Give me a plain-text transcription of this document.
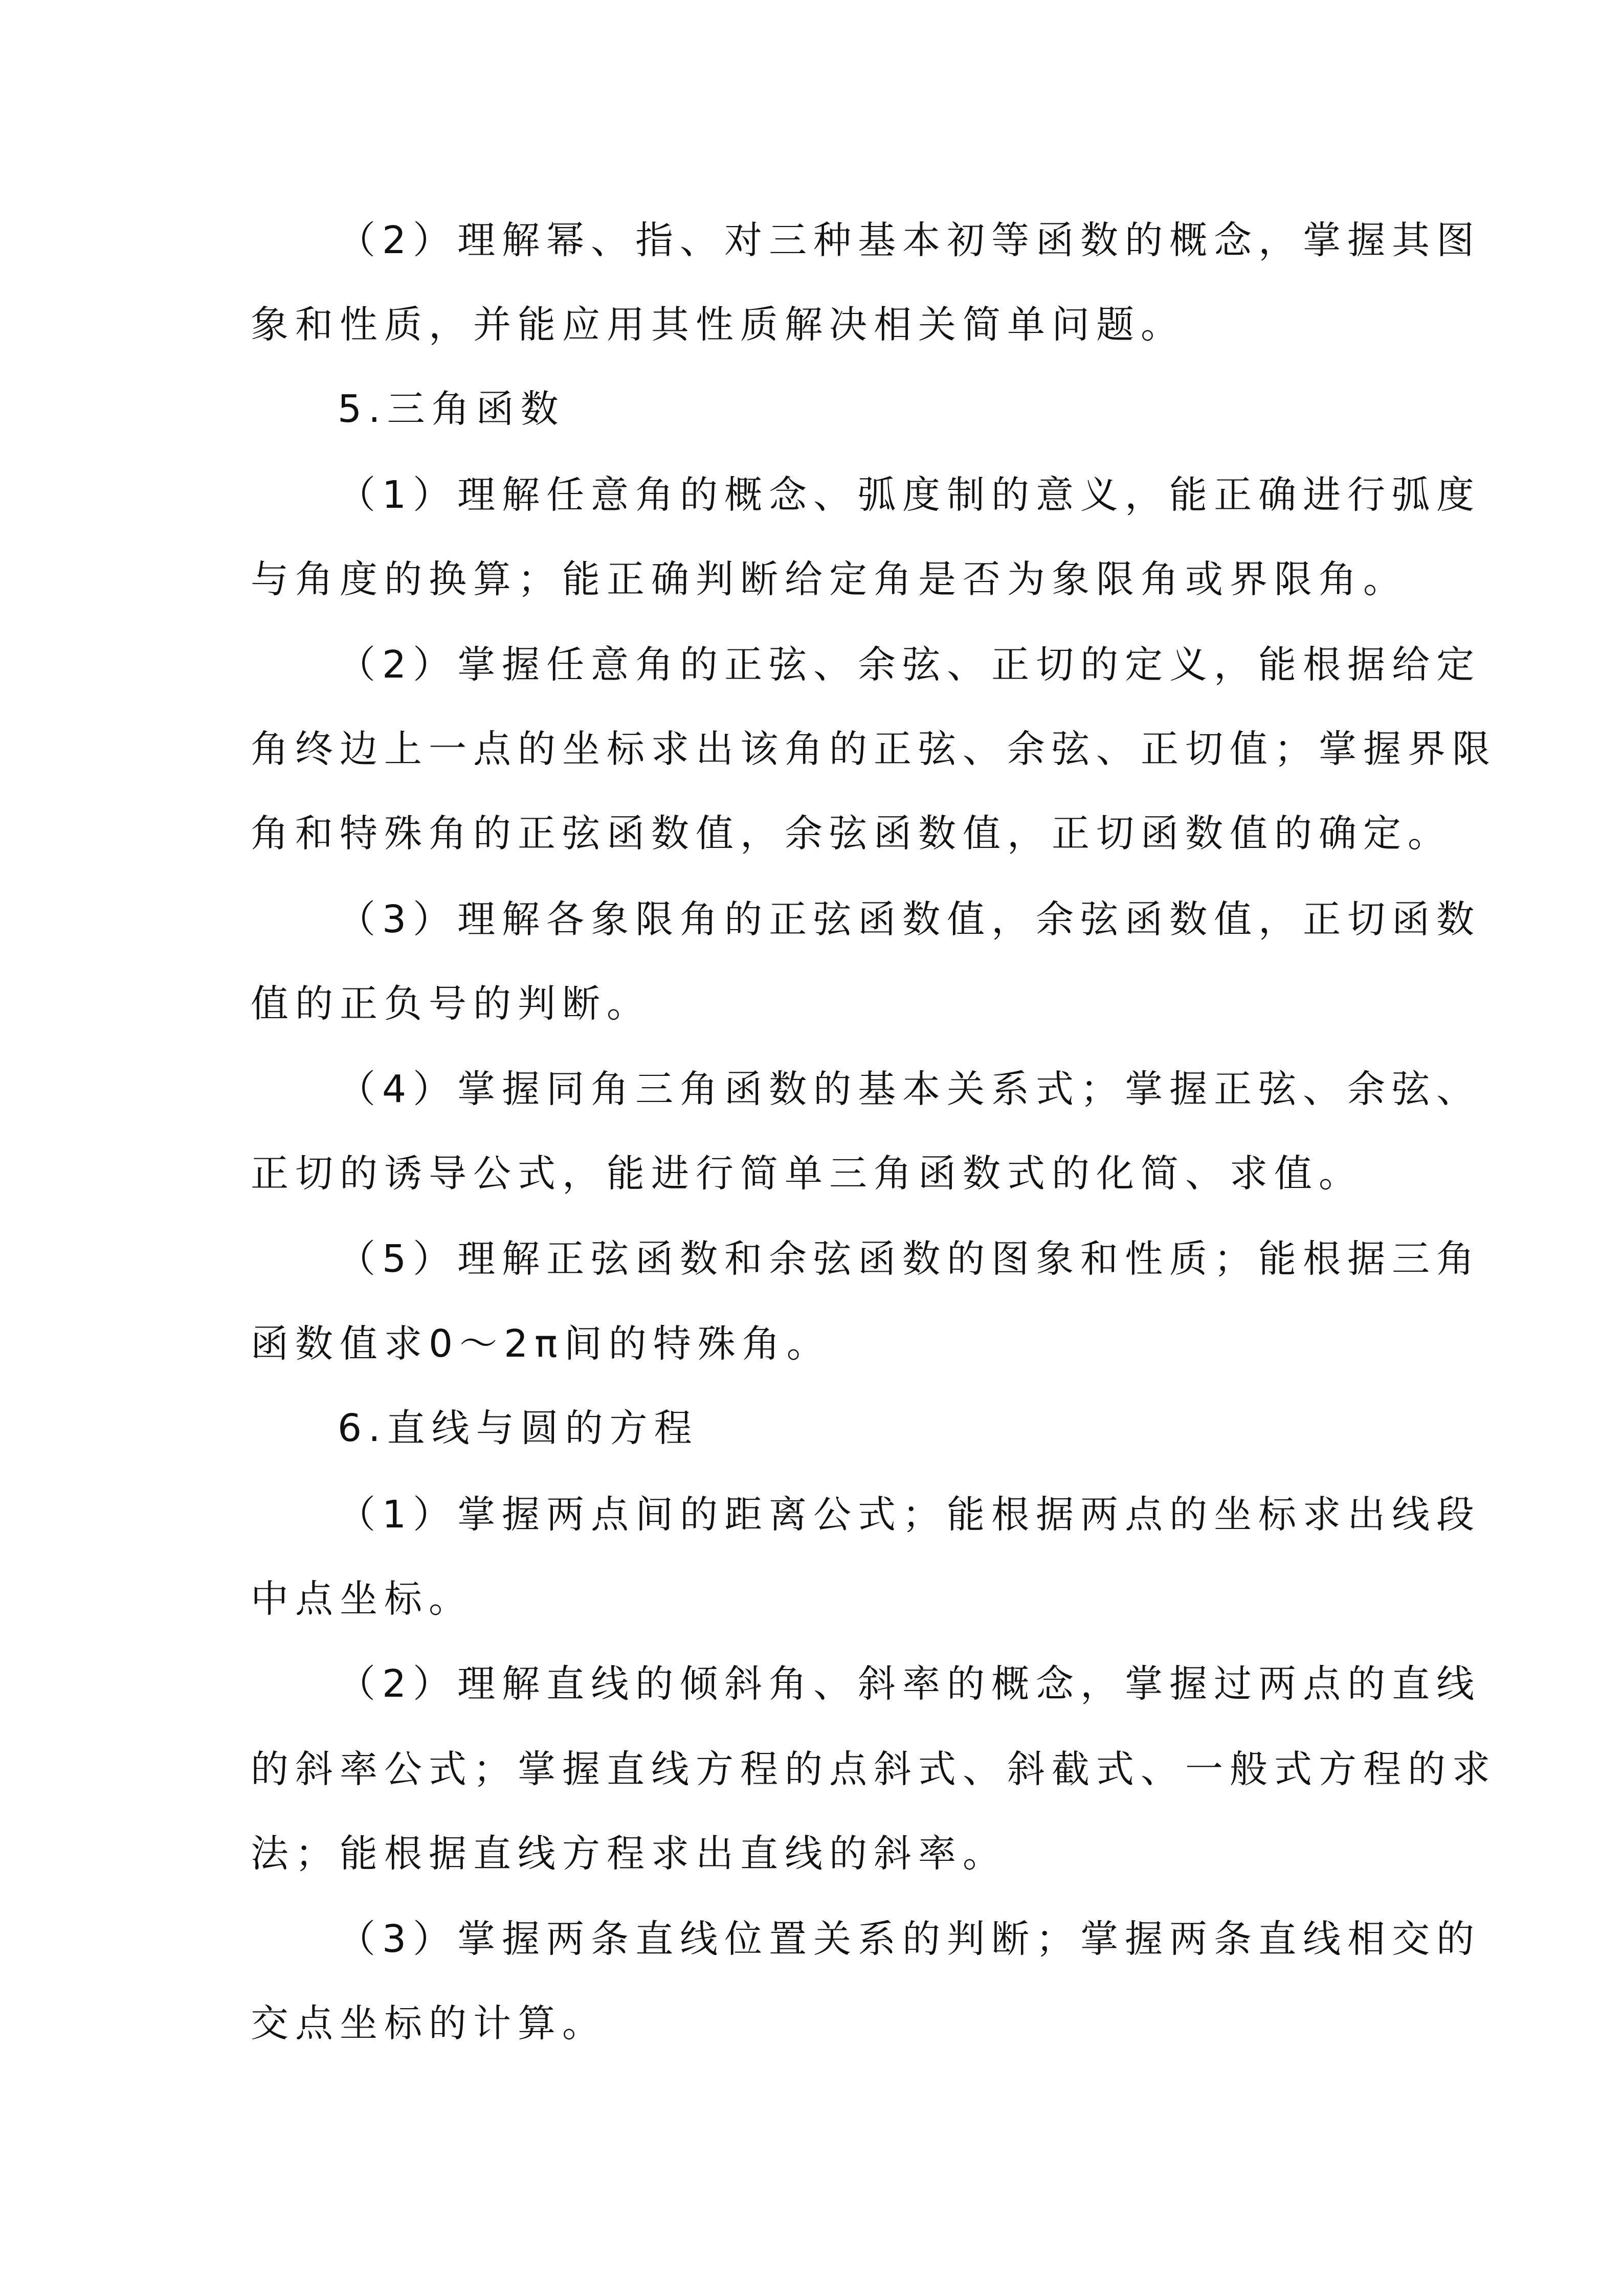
（2）理解幂、指、对三种基本初等函数的概念，掌握其图
象和性质，并能应用其性质解决相关简单问题。
5.三角函数
（1）理解任意角的概念、弧度制的意义，能正确进行弧度
与角度的换算；能正确判断给定角是否为象限角或界限角。
（2）掌握任意角的正弦、余弦、正切的定义，能根据给定
角终边上一点的坐标求出该角的正弦、余弦、正切值；掌握界限
角和特殊角的正弦函数值，余弦函数值，正切函数值的确定。
（3）理解各象限角的正弦函数值，余弦函数值，正切函数
值的正负号的判断。
（4）掌握同角三角函数的基本关系式；掌握正弦、余弦、
正切的诱导公式，能进行简单三角函数式的化简、求值。
（5）理解正弦函数和余弦函数的图象和性质；能根据三角
函数值求0～2π间的特殊角。
6.直线与圆的方程
（1）掌握两点间的距离公式；能根据两点的坐标求出线段
中点坐标。
（2）理解直线的倾斜角、斜率的概念，掌握过两点的直线
的斜率公式；掌握直线方程的点斜式、斜截式、一般式方程的求
法；能根据直线方程求出直线的斜率。
（3）掌握两条直线位置关系的判断；掌握两条直线相交的
交点坐标的计算。
